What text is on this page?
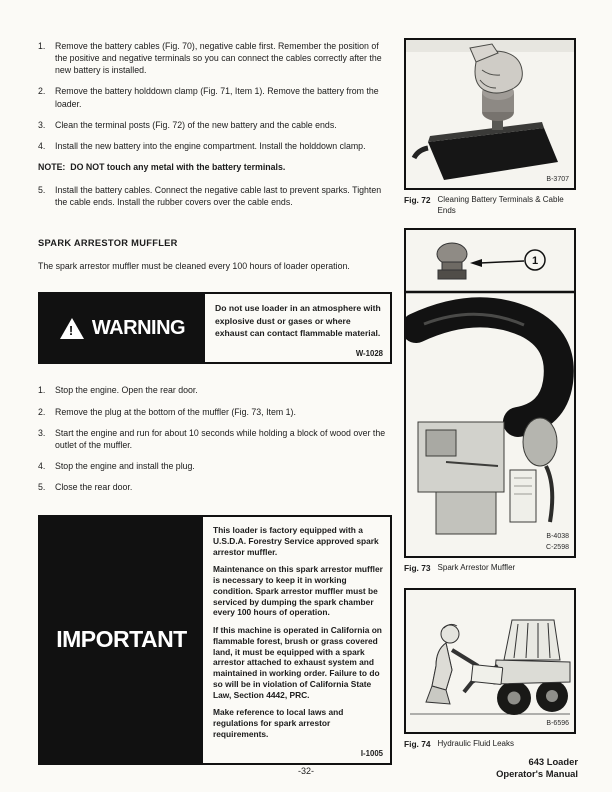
1.	Remove the battery cables (Fig. 70), negative cable first. Remember the position of the positive and negative terminals so you can connect the cables correctly after the new battery is installed.
2.	Remove the battery holddown clamp (Fig. 71, Item 1). Remove the battery from the loader.
3.	Clean the terminal posts (Fig. 72) of the new battery and the cable ends.
4.	Install the new battery into the engine compartment. Install the holddown clamp.

NOTE:  DO NOT touch any metal with the battery terminals.

5.	Install the battery cables. Connect the negative cable last to prevent sparks. Tighten the cable ends. Install the rubber covers over the cable ends.
SPARK ARRESTOR MUFFLER

The spark arrestor muffler must be cleaned every 100 hours of loader operation.

! WARNING

Do not use loader in an atmosphere with explosive dust or gases or where exhaust can contact flammable material.

W-1028
1.	Stop the engine. Open the rear door.
2.	Remove the plug at the bottom of the muffler (Fig. 73, Item 1).
3.	Start the engine and run for about 10 seconds while holding a block of wood over the outlet of the muffler.
4.	Stop the engine and install the plug.
5.	Close the rear door.
IMPORTANT

This loader is factory equipped with a U.S.D.A. Forestry Service approved spark arrestor muffler.

Maintenance on this spark arrestor muffler is necessary to keep it in working condition. Spark arrestor muffler must be serviced by dumping the spark chamber every 100 hours of operation.

If this machine is operated in California on flammable forest, brush or grass covered land, it must be equipped with a spark arrestor attached to exhaust system and maintained in working order. Failure to do so will be in violation of California State Law, Section 4442, PRC.

Make reference to local laws and regulations for spark arrestor requirements.

I-1005
B-3707
Fig. 72 Cleaning Battery Terminals & Cable Ends
1
B-4038
C-2598
Fig. 73 Spark Arrestor Muffler
B-6596
Fig. 74 Hydraulic Fluid Leaks
-32-
643 Loader
Operator's Manual
